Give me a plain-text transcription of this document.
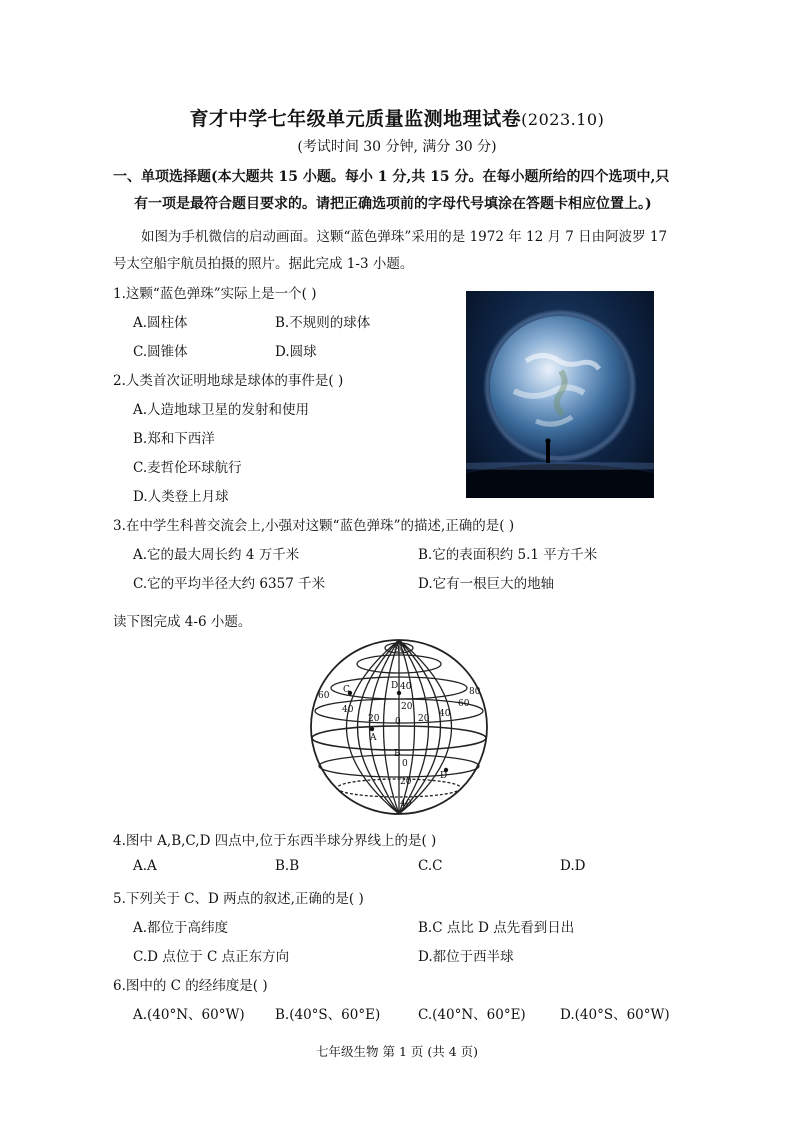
育才中学七年级单元质量监测地理试卷(2023.10)
(考试时间 30 分钟, 满分 30 分)
一、单项选择题(本大题共 15 小题。每小 1 分,共 15 分。在每小题所给的四个选项中,只
有一项是最符合题目要求的。请把正确选项前的字母代号填涂在答题卡相应位置上。)
如图为手机微信的启动画面。这颗“蓝色弹珠”采用的是 1972 年 12 月 7 日由阿波罗 17
号太空船宇航员拍摄的照片。据此完成 1-3 小题。
1.这颗“蓝色弹珠”实际上是一个( )
A.圆柱体	B.不规则的球体
C.圆锥体	D.圆球
2.人类首次证明地球是球体的事件是( )
A.人造地球卫星的发射和使用
B.郑和下西洋
C.麦哲伦环球航行
D.人类登上月球
3.在中学生科普交流会上,小强对这颗“蓝色弹珠”的描述,正确的是( )
A.它的最大周长约 4 万千米	B.它的表面积约 5.1 平方千米
C.它的平均半径大约 6357 千米	D.它有一根巨大的地轴
读下图完成 4-6 小题。
80
D 40
20
60
40
20 0 20 40
60
80
C
A
B
0
20
40
D
4.图中 A,B,C,D 四点中,位于东西半球分界线上的是( )
A.A	B.B	C.C	D.D
5.下列关于 C、D 两点的叙述,正确的是( )
A.都位于高纬度	B.C 点比 D 点先看到日出
C.D 点位于 C 点正东方向	D.都位于西半球
6.图中的 C 的经纬度是( )
A.(40°N、60°W) B.(40°S、60°E)	C.(40°N、60°E)	D.(40°S、60°W)
七年级生物 第 1 页 (共 4 页)
